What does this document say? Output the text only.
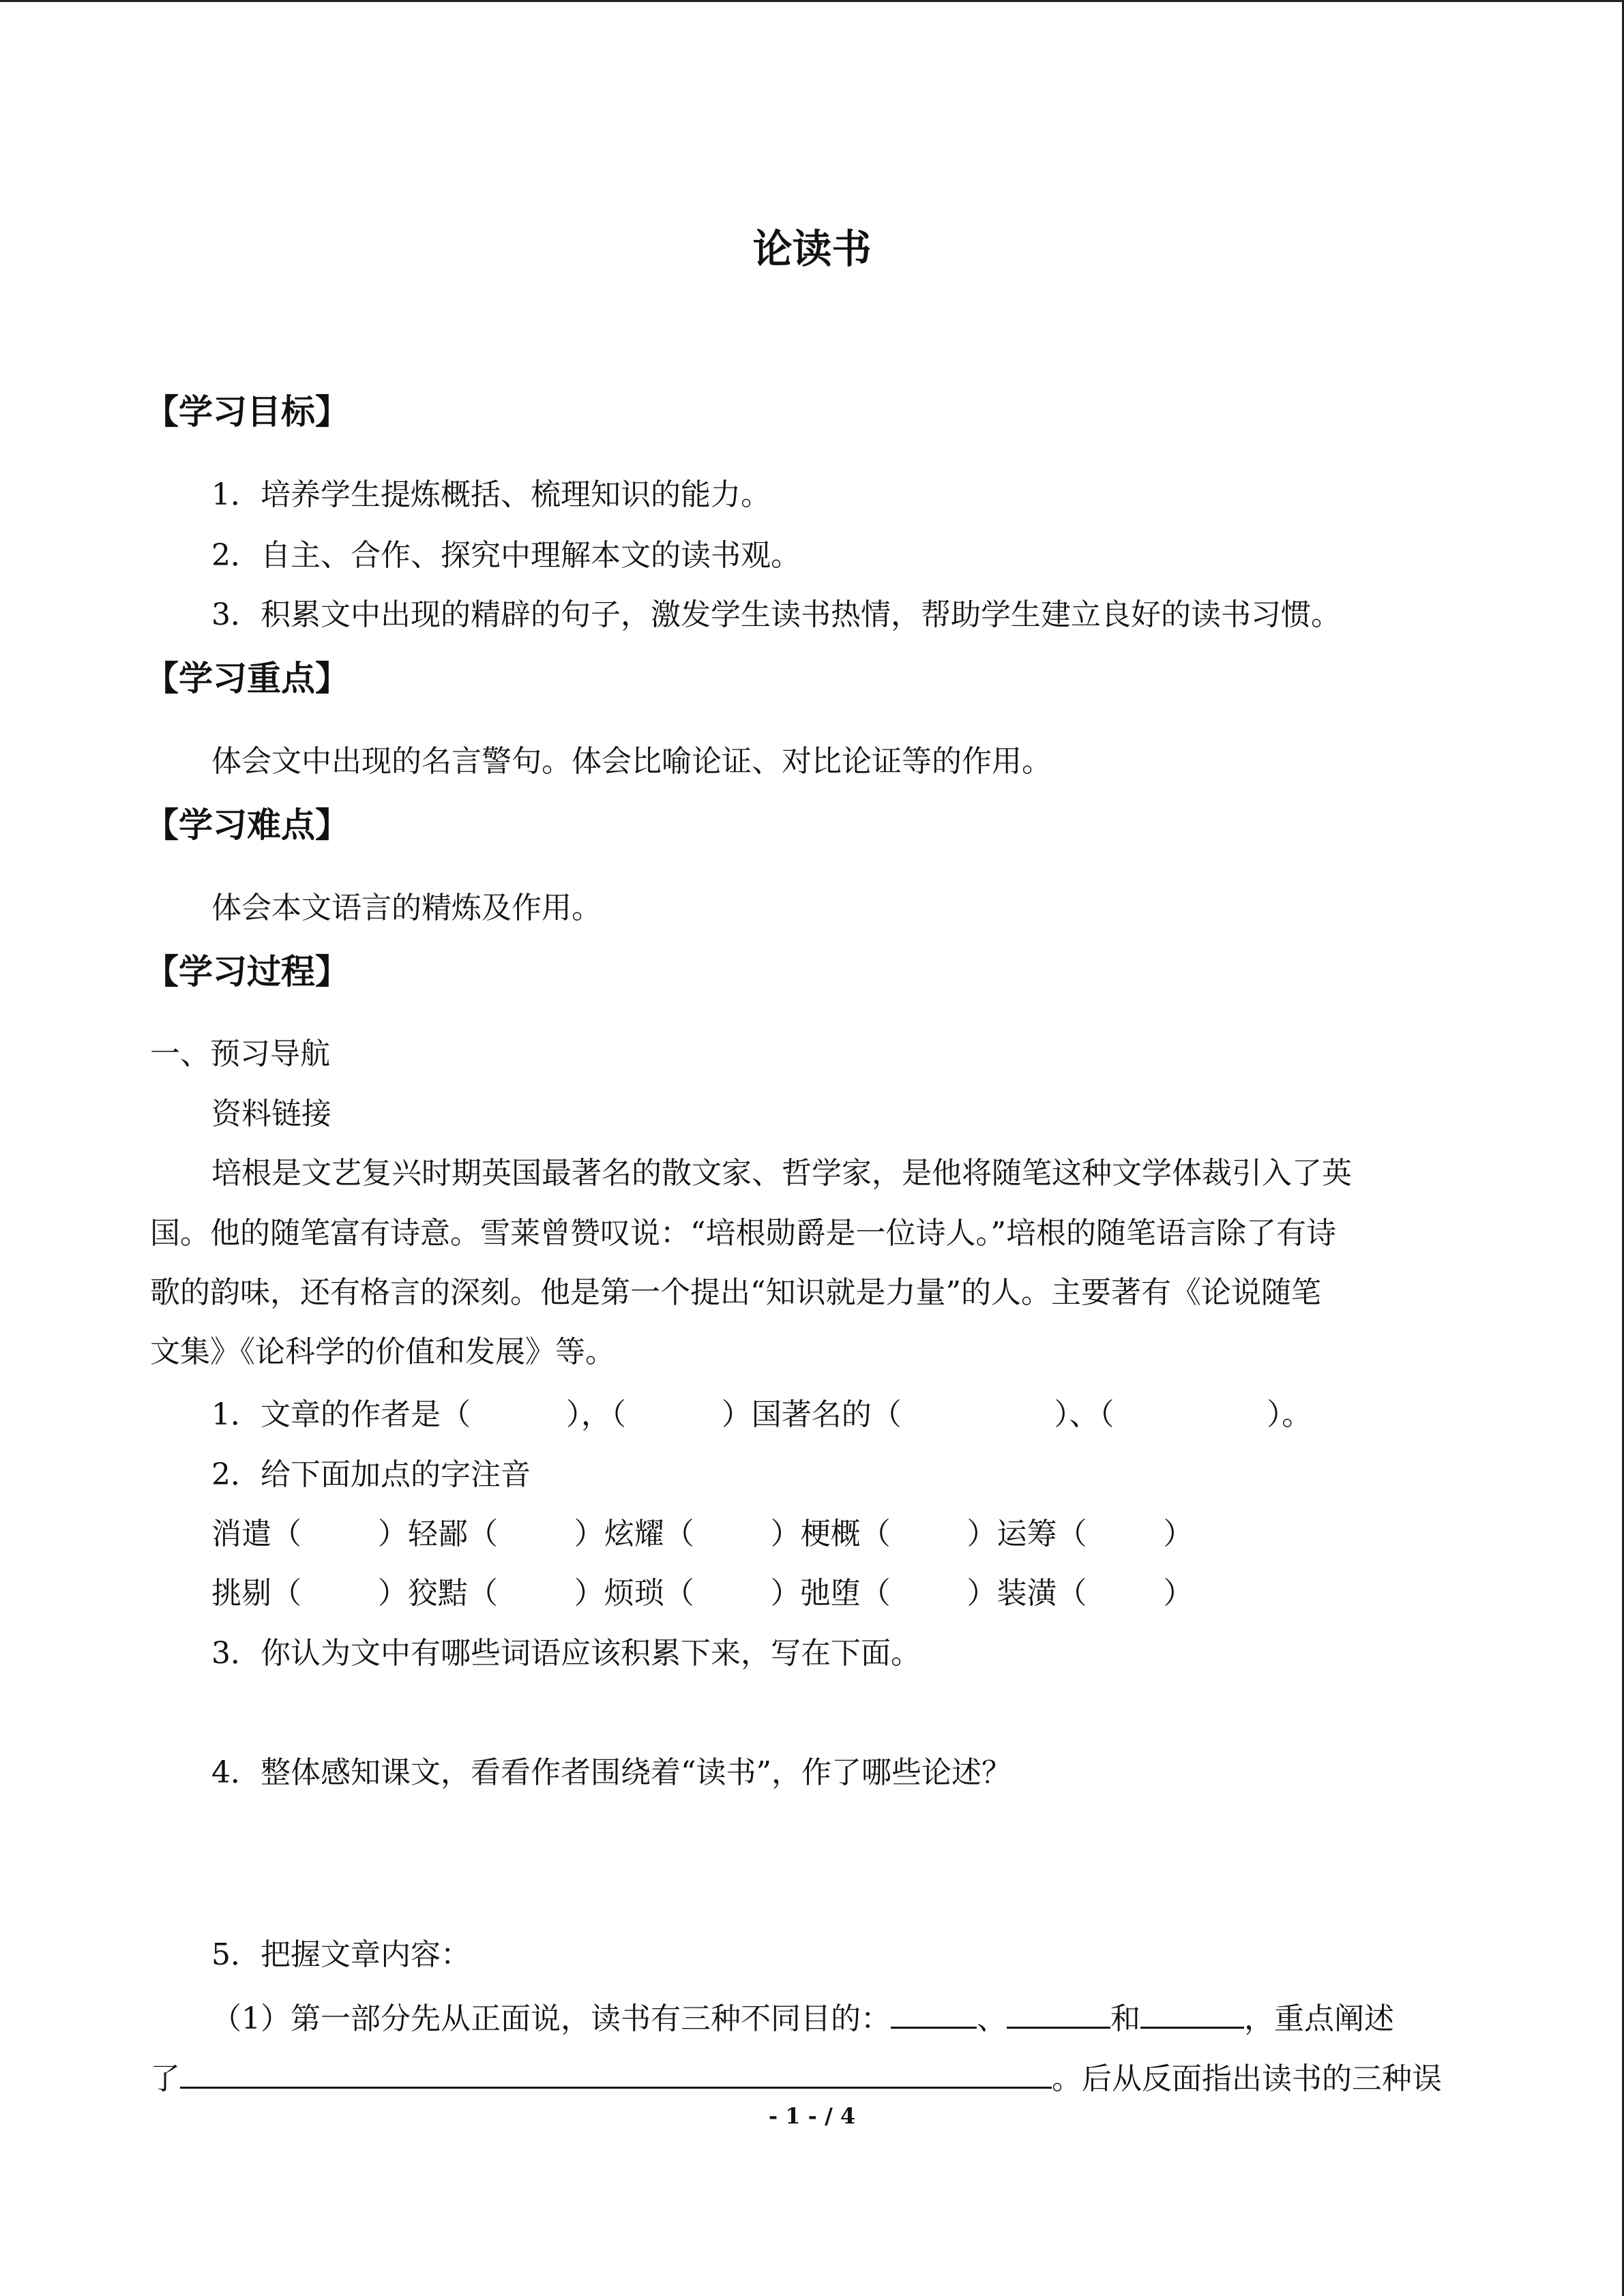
论读书
【学习目标】
1．培养学生提炼概括、梳理知识的能力。
2．自主、合作、探究中理解本文的读书观。
3．积累文中出现的精辟的句子，激发学生读书热情，帮助学生建立良好的读书习惯。
【学习重点】
体会文中出现的名言警句。体会比喻论证、对比论证等的作用。
【学习难点】
体会本文语言的精炼及作用。
【学习过程】
一、预习导航
资料链接
培根是文艺复兴时期英国最著名的散文家、哲学家，是他将随笔这种文学体裁引入了英
国。他的随笔富有诗意。雪莱曾赞叹说：“培根勋爵是一位诗人。”培根的随笔语言除了有诗
歌的韵味，还有格言的深刻。他是第一个提出“知识就是力量”的人。主要著有《论说随笔
文集》《论科学的价值和发展》等。
1．文章的作者是（          ），（          ）国著名的（                ）、（                ）。
2．给下面加点的字注音
消遣（        ）轻鄙（        ）炫耀（        ）梗概（        ）运筹（        ）
挑剔（        ）狡黠（        ）烦琐（        ）弛堕（        ）装潢（        ）
3．你认为文中有哪些词语应该积累下来，写在下面。
4．整体感知课文，看看作者围绕着“读书”，作了哪些论述？
5．把握文章内容：
（1）第一部分先从正面说，读书有三种不同目的：	、	和	，重点阐述
了	。后从反面指出读书的三种误
- 1 - / 4
